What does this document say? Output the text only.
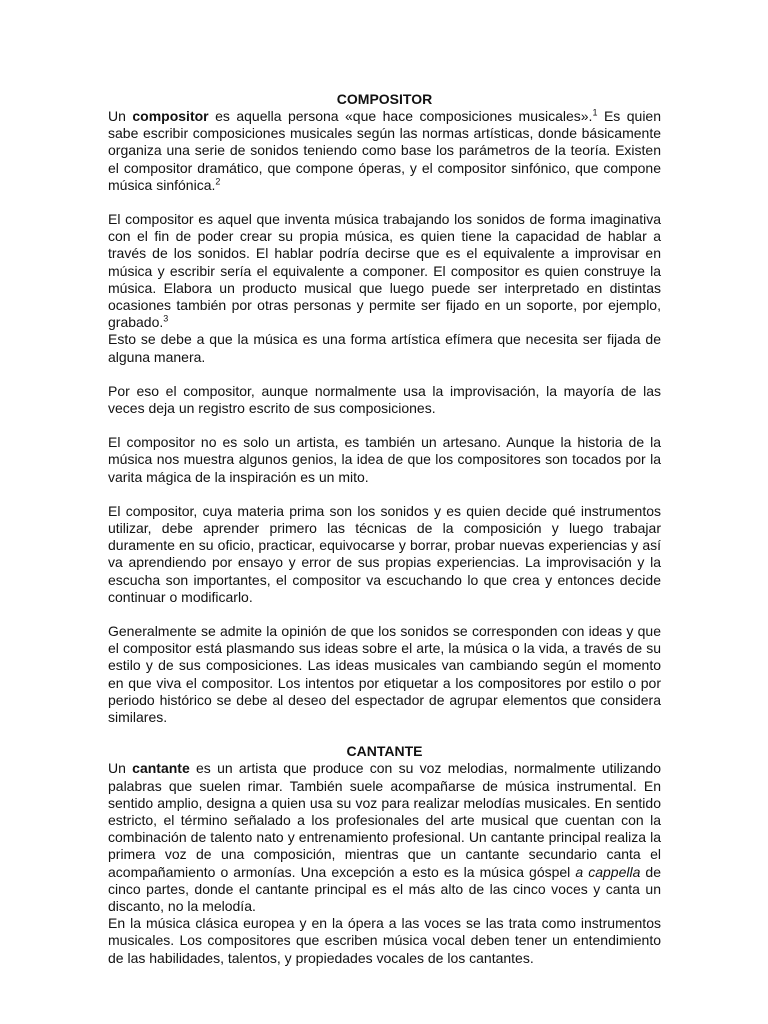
COMPOSITOR

Un compositor es aquella persona «que hace composiciones musicales».$^1$ Es quien sabe escribir composiciones musicales según las normas artísticas, donde básicamente organiza una serie de sonidos teniendo como base los parámetros de la teoría. Existen el compositor dramático, que compone óperas, y el compositor sinfónico, que compone música sinfónica.$^2$

El compositor es aquel que inventa música trabajando los sonidos de forma imaginativa con el fin de poder crear su propia música, es quien tiene la capacidad de hablar a través de los sonidos. El hablar podría decirse que es el equivalente a improvisar en música y escribir sería el equivalente a componer. El compositor es quien construye la música. Elabora un producto musical que luego puede ser interpretado en distintas ocasiones también por otras personas y permite ser fijado en un soporte, por ejemplo, grabado.$^3$

Esto se debe a que la música es una forma artística efímera que necesita ser fijada de alguna manera.

Por eso el compositor, aunque normalmente usa la improvisación, la mayoría de las veces deja un registro escrito de sus composiciones.

El compositor no es solo un artista, es también un artesano. Aunque la historia de la música nos muestra algunos genios, la idea de que los compositores son tocados por la varita mágica de la inspiración es un mito.

El compositor, cuya materia prima son los sonidos y es quien decide qué instrumentos utilizar, debe aprender primero las técnicas de la composición y luego trabajar duramente en su oficio, practicar, equivocarse y borrar, probar nuevas experiencias y así va aprendiendo por ensayo y error de sus propias experiencias. La improvisación y la escucha son importantes, el compositor va escuchando lo que crea y entonces decide continuar o modificarlo.

Generalmente se admite la opinión de que los sonidos se corresponden con ideas y que el compositor está plasmando sus ideas sobre el arte, la música o la vida, a través de su estilo y de sus composiciones. Las ideas musicales van cambiando según el momento en que viva el compositor. Los intentos por etiquetar a los compositores por estilo o por periodo histórico se debe al deseo del espectador de agrupar elementos que considera similares.

CANTANTE

Un cantante es un artista que produce con su voz melodias, normalmente utilizando palabras que suelen rimar. También suele acompañarse de música instrumental. En sentido amplio, designa a quien usa su voz para realizar melodías musicales. En sentido estricto, el término señalado a los profesionales del arte musical que cuentan con la combinación de talento nato y entrenamiento profesional. Un cantante principal realiza la primera voz de una composición, mientras que un cantante secundario canta el acompañamiento o armonías. Una excepción a esto es la música góspel a cappella de cinco partes, donde el cantante principal es el más alto de las cinco voces y canta un discanto, no la melodía.

En la música clásica europea y en la ópera a las voces se las trata como instrumentos musicales. Los compositores que escriben música vocal deben tener un entendimiento de las habilidades, talentos, y propiedades vocales de los cantantes.
